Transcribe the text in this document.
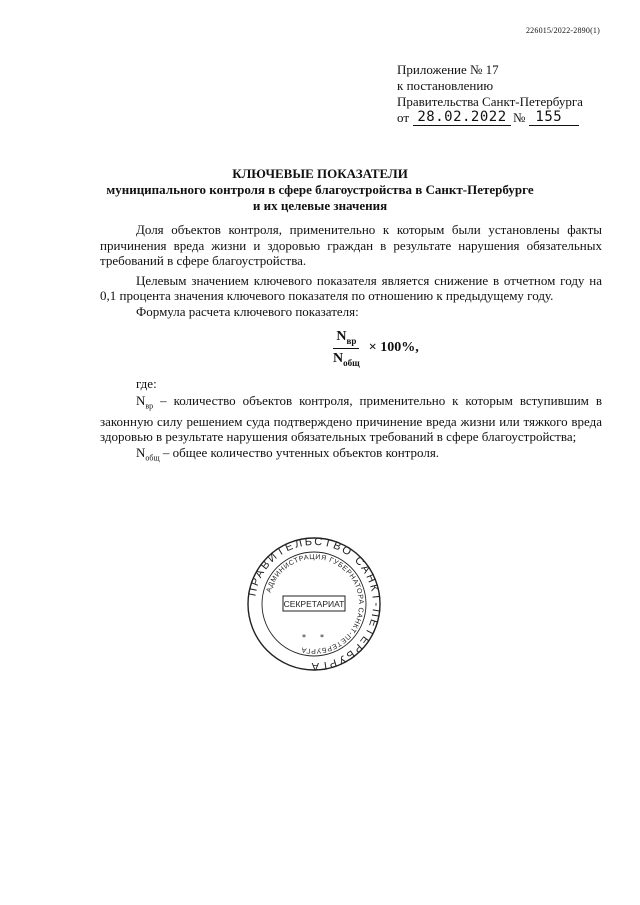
226015/2022-2890(1)
Приложение № 17
к постановлению
Правительства Санкт-Петербурга
от 28.02.2022 № 155
КЛЮЧЕВЫЕ ПОКАЗАТЕЛИ
муниципального контроля в сфере благоустройства в Санкт-Петербурге
и их целевые значения

Доля объектов контроля, применительно к которым были установлены факты причинения вреда жизни и здоровью граждан в результате нарушения обязательных требований в сфере благоустройства.

Целевым значением ключевого показателя является снижение в отчетном году на 0,1 процента значения ключевого показателя по отношению к предыдущему году.

Формула расчета ключевого показателя:

$\frac{N_{вр}}{N_{общ}} \times 100\%$,

где:

$N_{вр}$ – количество объектов контроля, применительно к которым вступившим в законную силу решением суда подтверждено причинение вреда жизни или тяжкого вреда здоровью в результате нарушения обязательных требований в сфере благоустройства;

$N_{общ}$ – общее количество учтенных объектов контроля.

ПРАВИТЕЛЬСТВО САНКТ-ПЕТЕРБУРГА
АДМИНИСТРАЦИЯ ГУБЕРНАТОРА САНКТ-ПЕТЕРБУРГА
СЕКРЕТАРИАТ
* *
